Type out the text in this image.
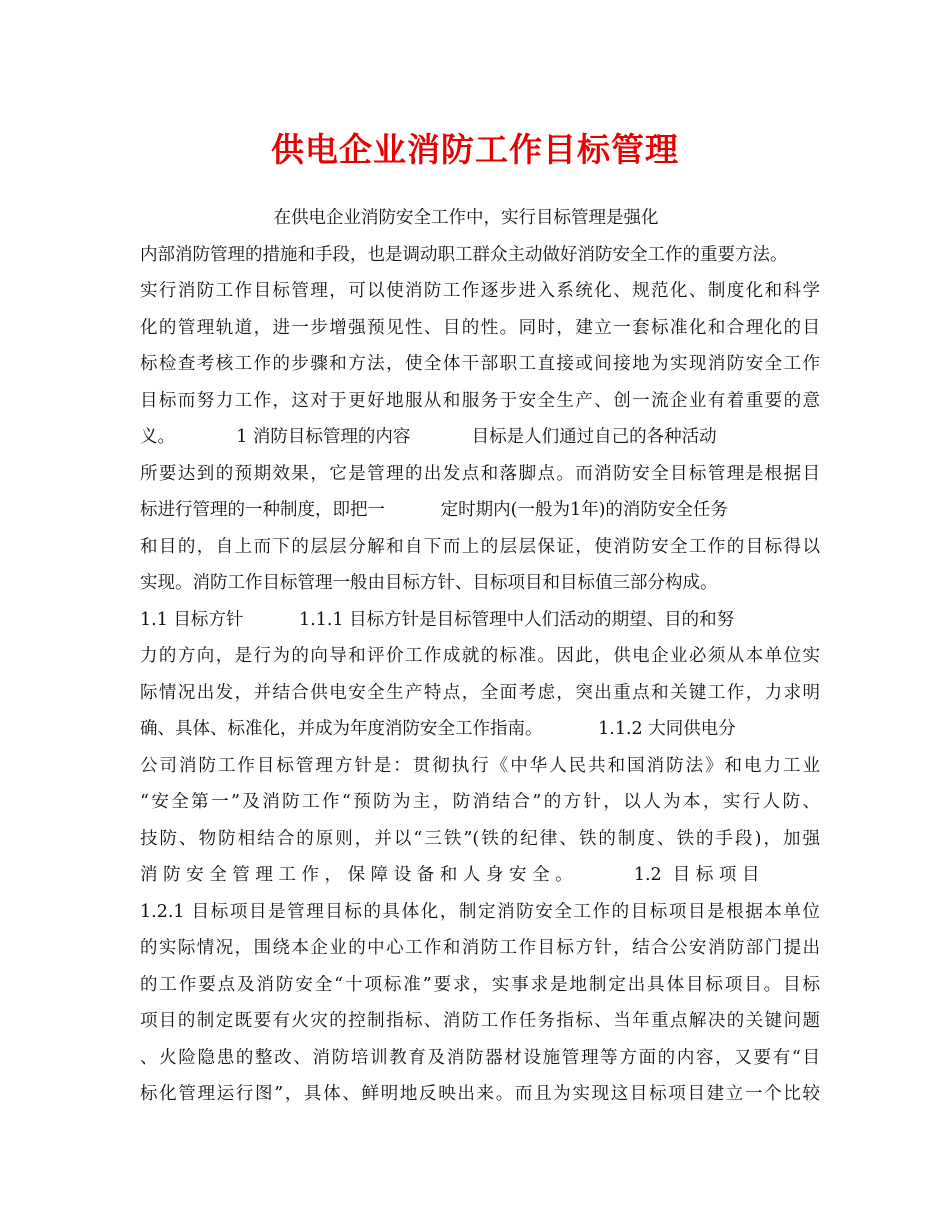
供电企业消防工作目标管理
在供电企业消防安全工作中，实行目标管理是强化
内部消防管理的措施和手段，也是调动职工群众主动做好消防安全工作的重要方法。
实行消防工作目标管理，可以使消防工作逐步进入系统化、规范化、制度化和科学
化的管理轨道，进一步增强预见性、目的性。同时，建立一套标准化和合理化的目
标检查考核工作的步骤和方法，使全体干部职工直接或间接地为实现消防安全工作
目标而努力工作，这对于更好地服从和服务于安全生产、创一流企业有着重要的意
义。           1 消防目标管理的内容           目标是人们通过自己的各种活动
所要达到的预期效果，它是管理的出发点和落脚点。而消防安全目标管理是根据目
标进行管理的一种制度，即把一          定时期内(一般为1年)的消防安全任务
和目的，自上而下的层层分解和自下而上的层层保证，使消防安全工作的目标得以
实现。消防工作目标管理一般由目标方针、目标项目和目标值三部分构成。
1.1 目标方针          1.1.1 目标方针是目标管理中人们活动的期望、目的和努
力的方向，是行为的向导和评价工作成就的标准。因此，供电企业必须从本单位实
际情况出发，并结合供电安全生产特点，全面考虑，突出重点和关键工作，力求明
确、具体、标准化，并成为年度消防安全工作指南。          1.1.2 大同供电分
公司消防工作目标管理方针是：贯彻执行《中华人民共和国消防法》和电力工业
“安全第一”及消防工作“预防为主，防消结合”的方针，以人为本，实行人防、
技防、物防相结合的原则，并以“三铁”(铁的纪律、铁的制度、铁的手段)，加强
消 防 安 全 管 理 工 作 ， 保 障 设 备 和 人 身 安 全 。           1.2  目 标 项 目
1.2.1 目标项目是管理目标的具体化，制定消防安全工作的目标项目是根据本单位
的实际情况，围绕本企业的中心工作和消防工作目标方针，结合公安消防部门提出
的工作要点及消防安全“十项标准”要求，实事求是地制定出具体目标项目。目标
项目的制定既要有火灾的控制指标、消防工作任务指标、当年重点解决的关键问题
、火险隐患的整改、消防培训教育及消防器材设施管理等方面的内容，又要有“目
标化管理运行图”，具体、鲜明地反映出来。而且为实现这目标项目建立一个比较
